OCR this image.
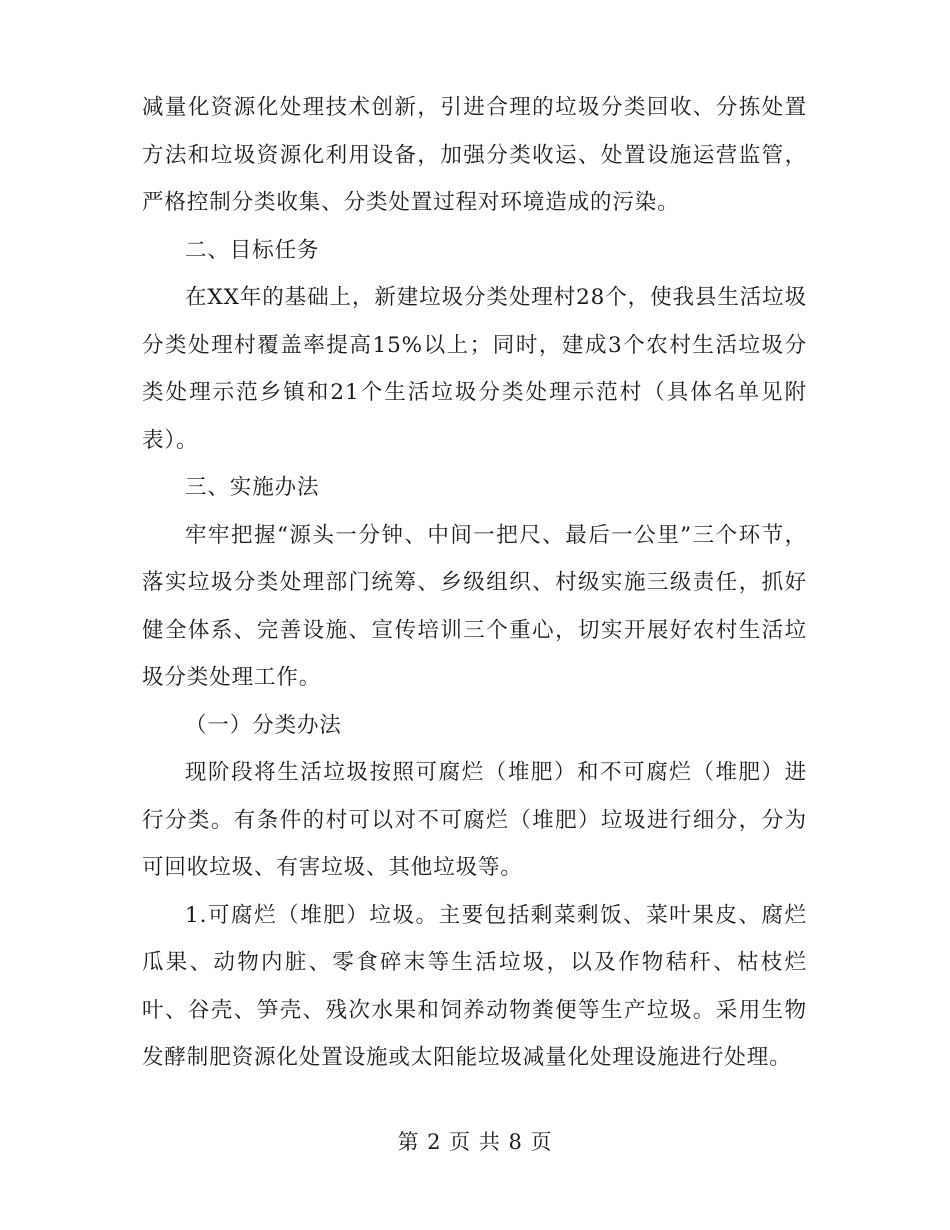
减量化资源化处理技术创新，引进合理的垃圾分类回收、分拣处置方法和垃圾资源化利用设备，加强分类收运、处置设施运营监管，严格控制分类收集、分类处置过程对环境造成的污染。

二、目标任务

在XX年的基础上，新建垃圾分类处理村28个，使我县生活垃圾分类处理村覆盖率提高15%以上；同时，建成3个农村生活垃圾分类处理示范乡镇和21个生活垃圾分类处理示范村（具体名单见附表）。

三、实施办法

牢牢把握“源头一分钟、中间一把尺、最后一公里”三个环节，落实垃圾分类处理部门统筹、乡级组织、村级实施三级责任，抓好健全体系、完善设施、宣传培训三个重心，切实开展好农村生活垃圾分类处理工作。

（一）分类办法

现阶段将生活垃圾按照可腐烂（堆肥）和不可腐烂（堆肥）进行分类。有条件的村可以对不可腐烂（堆肥）垃圾进行细分，分为可回收垃圾、有害垃圾、其他垃圾等。

1.可腐烂（堆肥）垃圾。主要包括剩菜剩饭、菜叶果皮、腐烂瓜果、动物内脏、零食碎末等生活垃圾，以及作物秸秆、枯枝烂叶、谷壳、笋壳、残次水果和饲养动物粪便等生产垃圾。采用生物发酵制肥资源化处置设施或太阳能垃圾减量化处理设施进行处理。

第 2 页 共 8 页
